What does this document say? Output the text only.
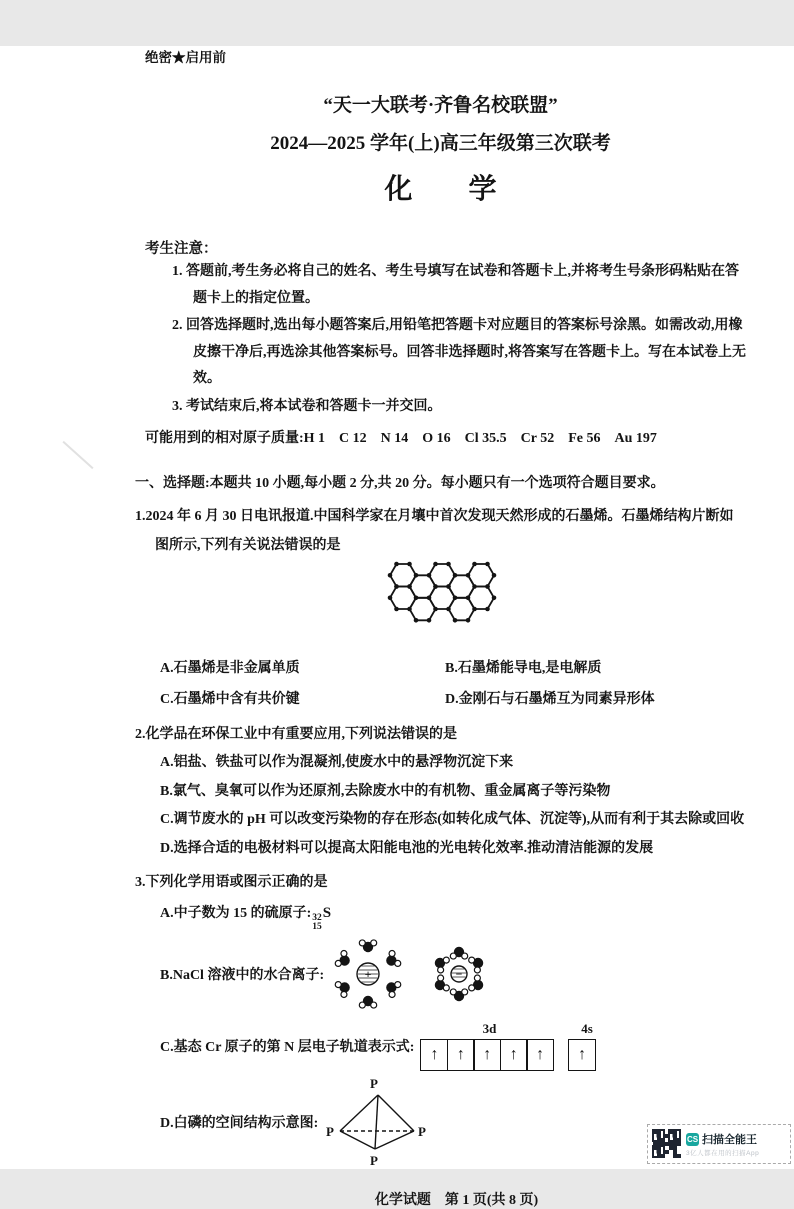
绝密★启用前
“天一大联考·齐鲁名校联盟”
2024—2025 学年(上)高三年级第三次联考
化　学
考生注意：
1. 答题前,考生务必将自己的姓名、考生号填写在试卷和答题卡上,并将考生号条形码粘贴在答题卡上的指定位置。
2. 回答选择题时,选出每小题答案后,用铅笔把答题卡对应题目的答案标号涂黑。如需改动,用橡皮擦干净后,再选涂其他答案标号。回答非选择题时,将答案写在答题卡上。写在本试卷上无效。
3. 考试结束后,将本试卷和答题卡一并交回。
可能用到的相对原子质量:H 1　C 12　N 14　O 16　Cl 35.5　Cr 52　Fe 56　Au 197
一、选择题:本题共 10 小题,每小题 2 分,共 20 分。每小题只有一个选项符合题目要求。
1.2024 年 6 月 30 日电讯报道.中国科学家在月壤中首次发现天然形成的石墨烯。石墨烯结构片断如图所示,下列有关说法错误的是
A.石墨烯是非金属单质	B.石墨烯能导电,是电解质
C.石墨烯中含有共价键	D.金刚石与石墨烯互为同素异形体
2.化学品在环保工业中有重要应用,下列说法错误的是
A.铝盐、铁盐可以作为混凝剂,使废水中的悬浮物沉淀下来
B.氯气、臭氧可以作为还原剂,去除废水中的有机物、重金属离子等污染物
C.调节废水的 pH 可以改变污染物的存在形态(如转化成气体、沉淀等),从而有利于其去除或回收
D.选择合适的电极材料可以提高太阳能电池的光电转化效率.推动清洁能源的发展
3.下列化学用语或图示正确的是
A.中子数为 15 的硫原子: 32
15
S
B.NaCl 溶液中的水合离子:	+	−
C.基态 Cr 原子的第 N 层电子轨道表示式:
3d	4s
↑	↑	↑	↑	↑	↑
D.白磷的空间结构示意图:
P
P	P
P
化学试题　第 1 页(共 8 页)
CS 扫描全能王
3亿人都在用的扫描App
